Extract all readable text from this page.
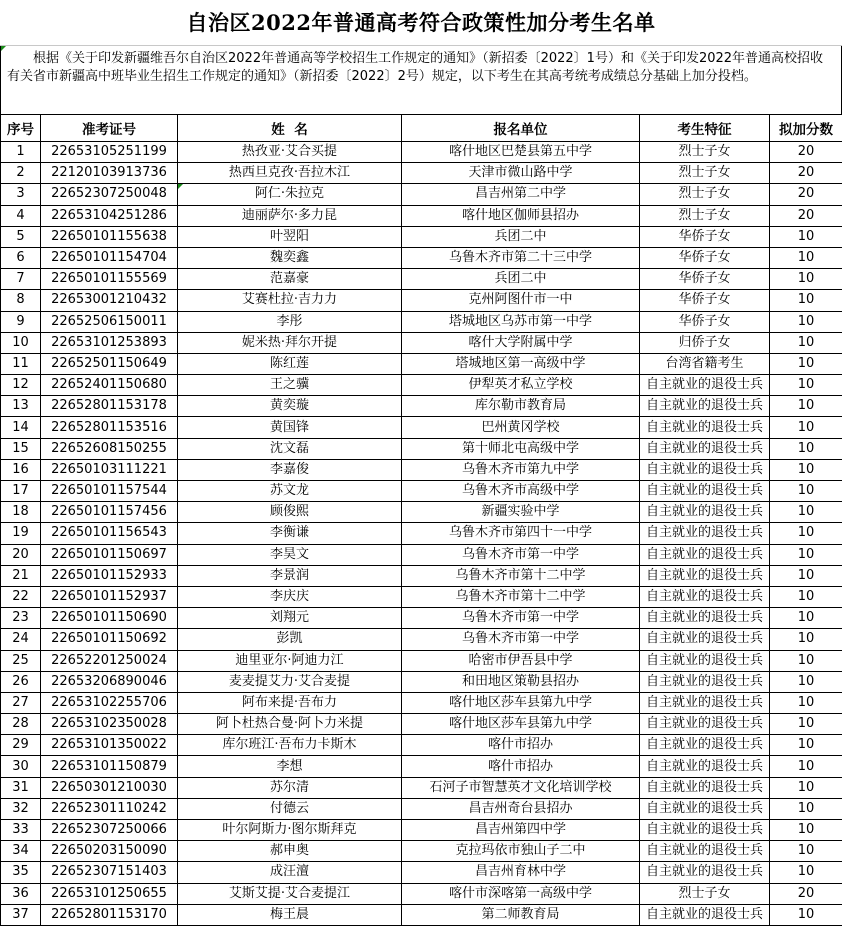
自治区2022年普通高考符合政策性加分考生名单
根据《关于印发新疆维吾尔自治区2022年普通高等学校招生工作规定的通知》（新招委〔2022〕1号）和《关于印发2022年普通高校招收有关省市新疆高中班毕业生招生工作规定的通知》（新招委〔2022〕2号）规定，以下考生在其高考统考成绩总分基础上加分投档。
序号	准考证号	姓  名	报名单位	考生特征	拟加分数
1	22653105251199	热孜亚·艾合买提	喀什地区巴楚县第五中学	烈士子女	20
2	22120103913736	热西旦克孜·吾拉木江	天津市微山路中学	烈士子女	20
3	22652307250048	阿仁·朱拉克	昌吉州第二中学	烈士子女	20
4	22653104251286	迪丽萨尔·多力昆	喀什地区伽师县招办	烈士子女	20
5	22650101155638	叶翌阳	兵团二中	华侨子女	10
6	22650101154704	魏奕鑫	乌鲁木齐市第二十三中学	华侨子女	10
7	22650101155569	范嘉豪	兵团二中	华侨子女	10
8	22653001210432	艾赛杜拉·吉力力	克州阿图什市一中	华侨子女	10
9	22652506150011	李彤	塔城地区乌苏市第一中学	华侨子女	10
10	22653101253893	妮米热·拜尔开提	喀什大学附属中学	归侨子女	10
11	22652501150649	陈红莲	塔城地区第一高级中学	台湾省籍考生	10
12	22652401150680	王之骥	伊犁英才私立学校	自主就业的退役士兵	10
13	22652801153178	黄奕璇	库尔勒市教育局	自主就业的退役士兵	10
14	22652801153516	黄国锋	巴州黄冈学校	自主就业的退役士兵	10
15	22652608150255	沈文磊	第十师北屯高级中学	自主就业的退役士兵	10
16	22650103111221	李嘉俊	乌鲁木齐市第九中学	自主就业的退役士兵	10
17	22650101157544	苏文龙	乌鲁木齐市高级中学	自主就业的退役士兵	10
18	22650101157456	顾俊熙	新疆实验中学	自主就业的退役士兵	10
19	22650101156543	李衡谦	乌鲁木齐市第四十一中学	自主就业的退役士兵	10
20	22650101150697	李昊文	乌鲁木齐市第一中学	自主就业的退役士兵	10
21	22650101152933	李景润	乌鲁木齐市第十二中学	自主就业的退役士兵	10
22	22650101152937	李庆庆	乌鲁木齐市第十二中学	自主就业的退役士兵	10
23	22650101150690	刘翔元	乌鲁木齐市第一中学	自主就业的退役士兵	10
24	22650101150692	彭凯	乌鲁木齐市第一中学	自主就业的退役士兵	10
25	22652201250024	迪里亚尔·阿迪力江	哈密市伊吾县中学	自主就业的退役士兵	10
26	22653206890046	麦麦提艾力·艾合麦提	和田地区策勒县招办	自主就业的退役士兵	10
27	22653102255706	阿布来提·吾布力	喀什地区莎车县第九中学	自主就业的退役士兵	10
28	22653102350028	阿卜杜热合曼·阿卜力米提	喀什地区莎车县第九中学	自主就业的退役士兵	10
29	22653101350022	库尔班江·吾布力卡斯木	喀什市招办	自主就业的退役士兵	10
30	22653101150879	李想	喀什市招办	自主就业的退役士兵	10
31	22650301210030	苏尔清	石河子市智慧英才文化培训学校	自主就业的退役士兵	10
32	22652301110242	付德云	昌吉州奇台县招办	自主就业的退役士兵	10
33	22652307250066	叶尔阿斯力·图尔斯拜克	昌吉州第四中学	自主就业的退役士兵	10
34	22650203150090	郝申奥	克拉玛依市独山子二中	自主就业的退役士兵	10
35	22652307151403	成汪澶	昌吉州育林中学	自主就业的退役士兵	10
36	22653101250655	艾斯艾提·艾合麦提江	喀什市深喀第一高级中学	烈士子女	20
37	22652801153170	梅王晨	第二师教育局	自主就业的退役士兵	10
